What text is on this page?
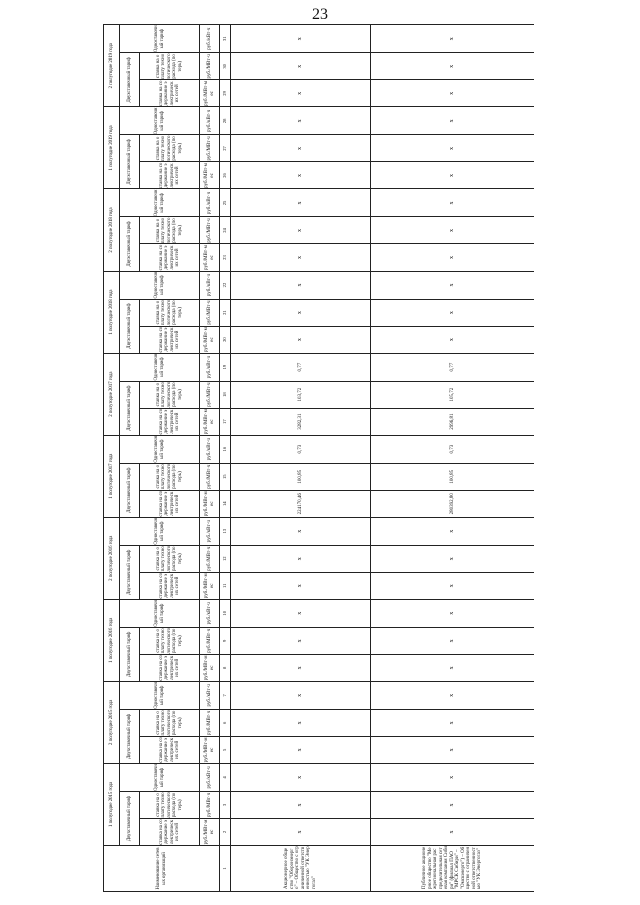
23
Наименование сетевых организаций	1 полугодие 2015 года			2 полугодие 2015 года			1 полугодие 2016 года			2 полугодие 2016 года			1 полугодие 2017 года			2 полугодие 2017 года			1 полугодие 2018 года			2 полугодие 2018 года			1 полугодие 2019 года			2 полугодие 2019 года		
	Двухставочный тариф		Одноставочный тариф	Двухставочный тариф		Одноставочный тариф	Двухставочный тариф		Одноставочный тариф	Двухставочный тариф		Одноставочный тариф	Двухставочный тариф		Одноставочный тариф	Двухставочный тариф		Одноставочный тариф	Двухставочный тариф		Одноставочный тариф	Двухставочный тариф		Одноставочный тариф	Двухставочный тариф		Одноставочный тариф	Двухставочный тариф		Одноставочный тариф
	ставка на содержание электрических сетей	ставка на оплату технологического расхода (потерь)		ставка на содержание электрических сетей	ставка на оплату технологического расхода (потерь)		ставка на содержание электрических сетей	ставка на оплату технологического расхода (потерь)		ставка на содержание электрических сетей	ставка на оплату технологического расхода (потерь)		ставка на содержание электрических сетей	ставка на оплату технологического расхода (потерь)		ставка на содержание электрических сетей	ставка на оплату технологического расхода (потерь)		ставка на содержание электрических сетей	ставка на оплату технологического расхода (потерь)		ставка на содержание электрических сетей	ставка на оплату технологического расхода (потерь)		ставка на содержание электрических сетей	ставка на оплату технологического расхода (потерь)		ставка на содержание электрических сетей	ставка на оплату технологического расхода (потерь)	
	руб./МВт·мес	руб./МВт·ч	руб./кВт·ч	руб./МВт·мес	руб./МВт·ч	руб./кВт·ч	руб./МВт·мес	руб./МВт·ч	руб./кВт·ч	руб./МВт·мес	руб./МВт·ч	руб./кВт·ч	руб./МВт·мес	руб./МВт·ч	руб./кВт·ч	руб./МВт·мес	руб./МВт·ч	руб./кВт·ч	руб./МВт·мес	руб./МВт·ч	руб./кВт·ч	руб./МВт·мес	руб./МВт·ч	руб./кВт·ч	руб./МВт·мес	руб./МВт·ч	руб./кВт·ч	руб./МВт·мес	руб./МВт·ч	руб./кВт·ч
1	2	3	4	5	6	7	8	9	10	11	12	13	14	15	16	17	18	19	20	21	22	23	24	25	26	27	28	29	30	31
Акционерное общество "Оборонэнерго" – Общество с ограниченной ответственностью "УК Энергогаз"	x	x	x	x	x	x	x	x	x	x	x	x	224170,46	100,85	0,73	3282,31	103,72	0,77	x	x	x	x	x	x	x	x	x	x	x	x
Публичное акционерное общество "Межрегиональная распределительная сетевая компания Сибири" (филиал ПАО "МРСК Сибири" – "Омскэнерго") – Общество с ограниченной ответственностью "УК Энергогаз"	x	x	x	x	x	x	x	x	x	x	x	x	280392,80	100,85	0,73	2996,81	105,72	0,77	x	x	x	x	x	x	x	x	x	x	x	x
